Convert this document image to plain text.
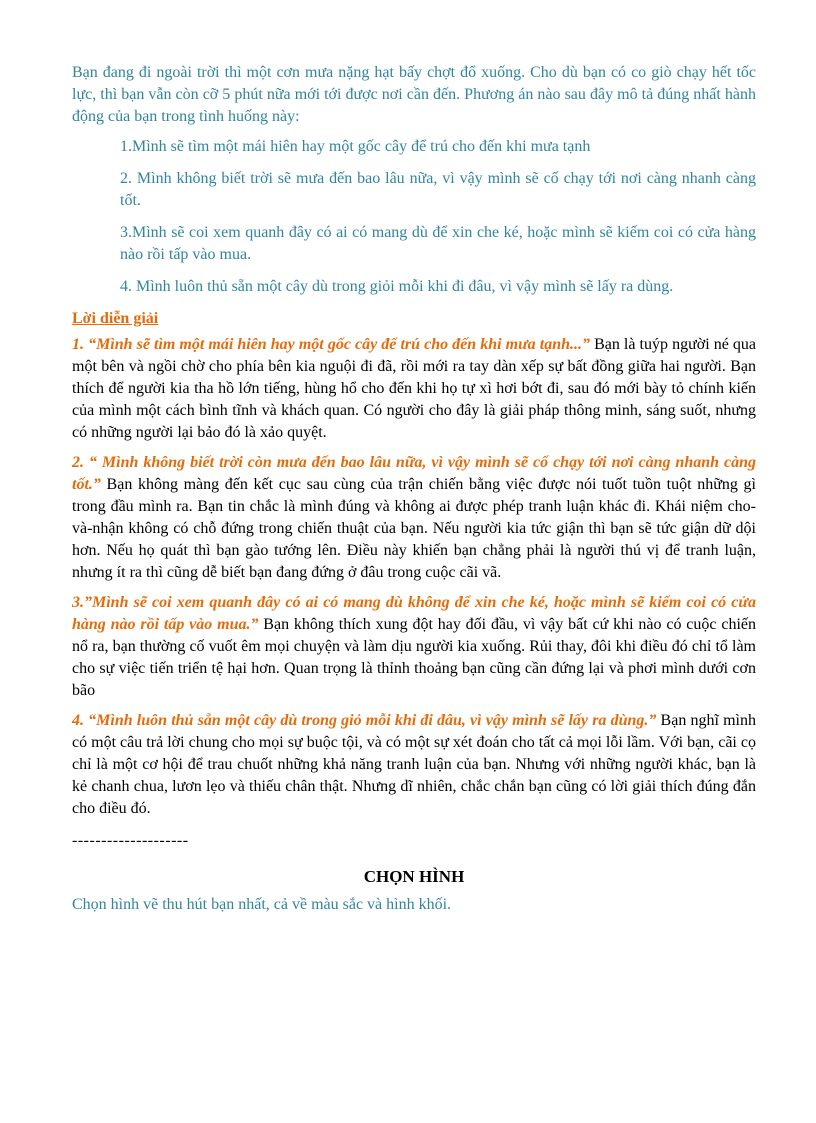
Bạn đang đi ngoài trời thì một cơn mưa nặng hạt bấy chợt đổ xuống. Cho dù bạn có co giò chạy hết tốc lực, thì bạn vẫn còn cỡ 5 phút nữa mới tới được nơi cần đến. Phương án nào sau đây mô tả đúng nhất hành động của bạn trong tình huống này:

1.Mình sẽ tìm một mái hiên hay một gốc cây để trú cho đến khi mưa tạnh

2. Mình không biết trời sẽ mưa đến bao lâu nữa, vì vậy mình sẽ cố chạy tới nơi càng nhanh càng tốt.

3.Mình sẽ coi xem quanh đây có ai có mang dù để xin che ké, hoặc mình sẽ kiếm coi có cửa hàng nào rồi tấp vào mua.

4. Mình luôn thủ sẵn một cây dù trong giỏi mỗi khi đi đâu, vì vậy mình sẽ lấy ra dùng.

Lời diễn giải

1. “Mình sẽ tìm một mái hiên hay một gốc cây để trú cho đến khi mưa tạnh...” Bạn là tuýp người né qua một bên và ngồi chờ cho phía bên kia nguội đi đã, rồi mới ra tay dàn xếp sự bất đồng giữa hai người. Bạn thích để người kia tha hồ lớn tiếng, hùng hổ cho đến khi họ tự xì hơi bớt đi, sau đó mới bày tỏ chính kiến của mình một cách bình tĩnh và khách quan. Có người cho đây là giải pháp thông minh, sáng suốt, nhưng có những người lại bảo đó là xảo quyệt.

2. “ Mình không biết trời còn mưa đến bao lâu nữa, vì vậy mình sẽ cố chạy tới nơi càng nhanh càng tốt.” Bạn không màng đến kết cục sau cùng của trận chiến bằng việc được nói tuốt tuồn tuột những gì trong đầu mình ra. Bạn tin chắc là mình đúng và không ai được phép tranh luận khác đi. Khái niệm cho-và-nhận không có chỗ đứng trong chiến thuật của bạn. Nếu người kia tức giận thì bạn sẽ tức giận dữ dội hơn. Nếu họ quát thì bạn gào tướng lên. Điều này khiến bạn chẳng phải là người thú vị để tranh luận, nhưng ít ra thì cũng dễ biết bạn đang đứng ở đâu trong cuộc cãi vã.

3.”Mình sẽ coi xem quanh đây có ai có mang dù không để xin che ké, hoặc mình sẽ kiếm coi có cửa hàng nào rồi tấp vào mua.” Bạn không thích xung đột hay đối đầu, vì vậy bất cứ khi nào có cuộc chiến nổ ra, bạn thường cố vuốt êm mọi chuyện và làm dịu người kia xuống. Rủi thay, đôi khi điều đó chỉ tổ làm cho sự việc tiến triển tệ hại hơn. Quan trọng là thỉnh thoảng bạn cũng cần đứng lại và phơi mình dưới cơn bão

4. “Mình luôn thủ sẵn một cây dù trong giỏ mỗi khi đi đâu, vì vậy mình sẽ lấy ra dùng.” Bạn nghĩ mình có một câu trả lời chung cho mọi sự buộc tội, và có một sự xét đoán cho tất cả mọi lỗi lầm. Với bạn, cãi cọ chỉ là một cơ hội để trau chuốt những khả năng tranh luận của bạn. Nhưng với những người khác, bạn là kẻ chanh chua, lươn lẹo và thiếu chân thật. Nhưng dĩ nhiên, chắc chắn bạn cũng có lời giải thích đúng đắn cho điều đó.

--------------------

CHỌN HÌNH

Chọn hình vẽ thu hút bạn nhất, cả về màu sắc và hình khối.
